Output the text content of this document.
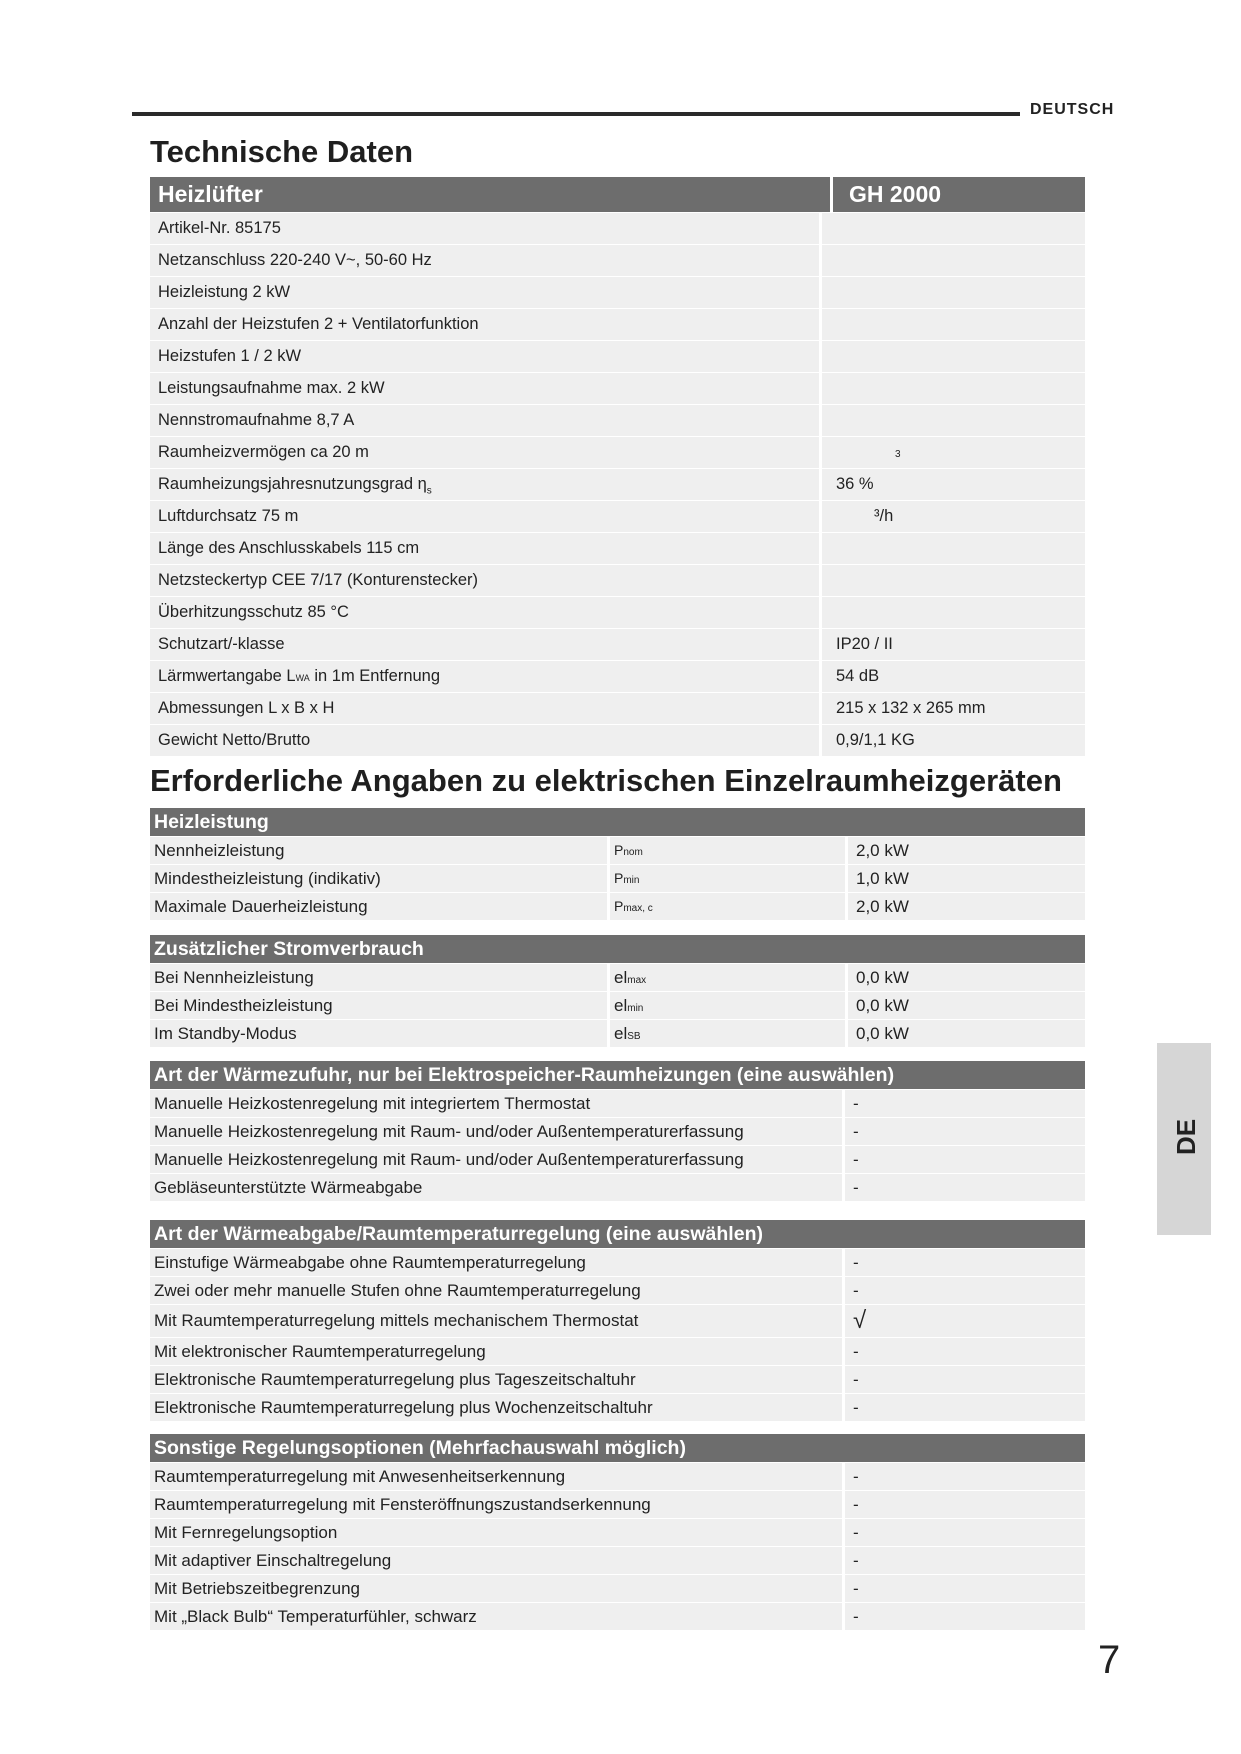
DEUTSCH
Technische Daten
Heizlüfter	GH 2000
Artikel-Nr. 85175
Netzanschluss 220-240 V~, 50-60 Hz
Heizleistung 2 kW
Anzahl der Heizstufen 2 + Ventilatorfunktion
Heizstufen 1 / 2 kW
Leistungsaufnahme max. 2 kW
Nennstromaufnahme 8,7 A
Raumheizvermögen ca 20 m	3
Raumheizungsjahresnutzungsgrad $\eta_s$	36 %
Luftdurchsatz 75 m	³/h
Länge des Anschlusskabels 115 cm
Netzsteckertyp CEE 7/17 (Konturenstecker)
Überhitzungsschutz 85 °C
Schutzart/-klasse	IP20 / II
Lärmwertangabe LWA in 1m Entfernung	54 dB
Abmessungen L x B x H	215 x 132 x 265 mm
Gewicht Netto/Brutto	0,9/1,1 KG
Erforderliche Angaben zu elektrischen Einzelraumheizgeräten
Heizleistung
Nennheizleistung	Pnom	2,0 kW
Mindestheizleistung (indikativ)	Pmin	1,0 kW
Maximale Dauerheizleistung	Pmax, c	2,0 kW
Zusätzlicher Stromverbrauch
Bei Nennheizleistung	elmax	0,0 kW
Bei Mindestheizleistung	elmin	0,0 kW
Im Standby-Modus	elSB	0,0 kW
Art der Wärmezufuhr, nur bei Elektrospeicher-Raumheizungen (eine auswählen)
Manuelle Heizkostenregelung mit integriertem Thermostat	-
Manuelle Heizkostenregelung mit Raum- und/oder Außentemperaturerfassung	-
Manuelle Heizkostenregelung mit Raum- und/oder Außentemperaturerfassung	-
Gebläseunterstützte Wärmeabgabe	-
Art der Wärmeabgabe/Raumtemperaturregelung (eine auswählen)
Einstufige Wärmeabgabe ohne Raumtemperaturregelung	-
Zwei oder mehr manuelle Stufen ohne Raumtemperaturregelung	-
Mit Raumtemperaturregelung mittels mechanischem Thermostat	√
Mit elektronischer Raumtemperaturregelung	-
Elektronische Raumtemperaturregelung plus Tageszeitschaltuhr	-
Elektronische Raumtemperaturregelung plus Wochenzeitschaltuhr	-
Sonstige Regelungsoptionen (Mehrfachauswahl möglich)
Raumtemperaturregelung mit Anwesenheitserkennung	-
Raumtemperaturregelung mit Fensteröffnungszustandserkennung	-
Mit Fernregelungsoption	-
Mit adaptiver Einschaltregelung	-
Mit Betriebszeitbegrenzung	-
Mit „Black Bulb“ Temperaturfühler, schwarz	-
DE
7
